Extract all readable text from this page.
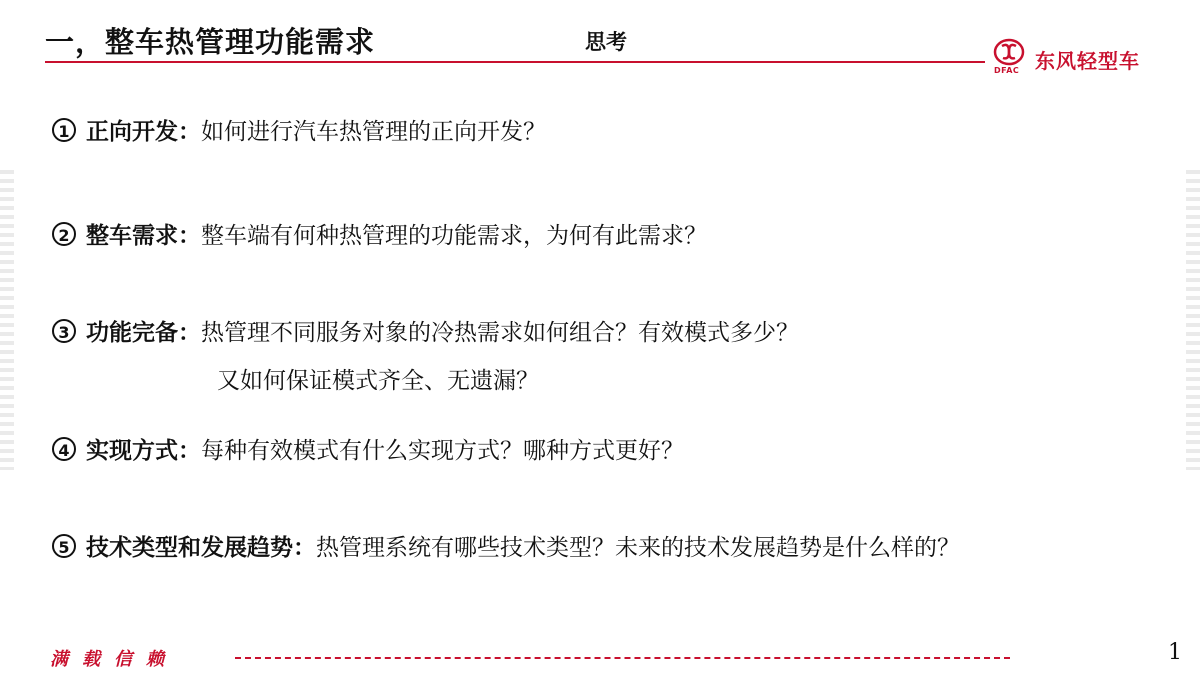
一，整车热管理功能需求	思考
DFAC 东风轻型车
1 正向开发：如何进行汽车热管理的正向开发？
2 整车需求：整车端有何种热管理的功能需求，为何有此需求？
3 功能完备：热管理不同服务对象的冷热需求如何组合？有效模式多少？
又如何保证模式齐全、无遗漏？
4 实现方式：每种有效模式有什么实现方式？哪种方式更好？
5 技术类型和发展趋势：热管理系统有哪些技术类型？未来的技术发展趋势是什么样的？
满载信赖	1
